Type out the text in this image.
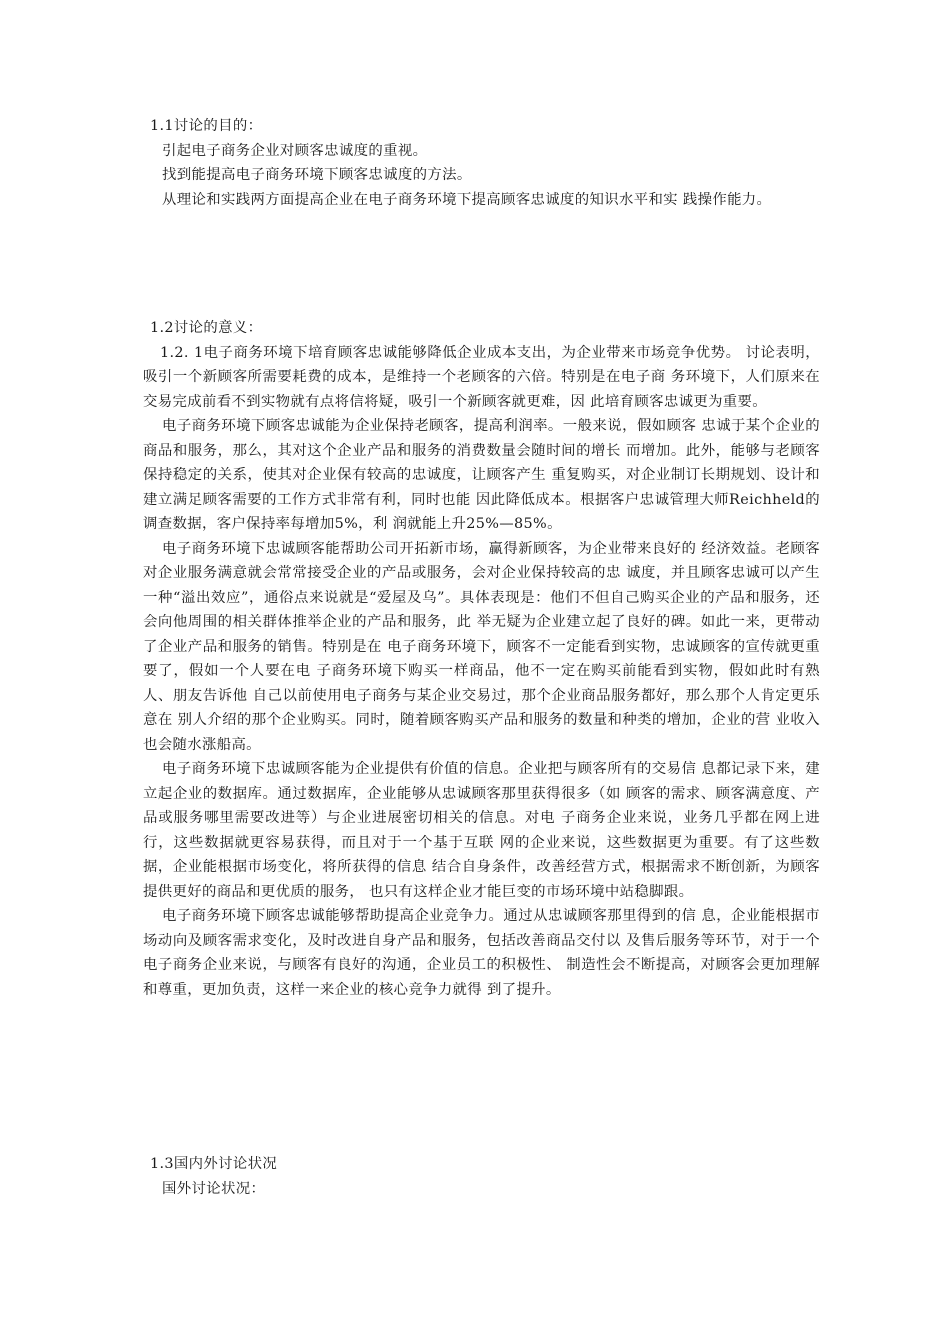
1.1讨论的目的：

引起电子商务企业对顾客忠诚度的重视。

找到能提高电子商务环境下顾客忠诚度的方法。

从理论和实践两方面提高企业在电子商务环境下提高顾客忠诚度的知识水平和实 践操作能力。

1.2讨论的意义：

1.2. 1电子商务环境下培育顾客忠诚能够降低企业成本支出，为企业带来市场竞争优势。 讨论表明，吸引一个新顾客所需要耗费的成本，是维持一个老顾客的六倍。特别是在电子商 务环境下，人们原来在交易完成前看不到实物就有点将信将疑，吸引一个新顾客就更难，因 此培育顾客忠诚更为重要。

电子商务环境下顾客忠诚能为企业保持老顾客，提高利润率。一般来说，假如顾客 忠诚于某个企业的商品和服务，那么，其对这个企业产品和服务的消费数量会随时间的增长 而增加。此外，能够与老顾客保持稳定的关系，使其对企业保有较高的忠诚度，让顾客产生 重复购买，对企业制订长期规划、设计和建立满足顾客需要的工作方式非常有利，同时也能 因此降低成本。根据客户忠诚管理大师Reichheld的调查数据，客户保持率每增加5%，利 润就能上升25%—85%。

电子商务环境下忠诚顾客能帮助公司开拓新市场，赢得新顾客，为企业带来良好的 经济效益。老顾客对企业服务满意就会常常接受企业的产品或服务，会对企业保持较高的忠 诚度，并且顾客忠诚可以产生一种“溢出效应”，通俗点来说就是“爱屋及乌”。具体表现是：他们不但自己购买企业的产品和服务，还会向他周围的相关群体推举企业的产品和服务，此 举无疑为企业建立起了良好的碑。如此一来，更带动了企业产品和服务的销售。特别是在 电子商务环境下，顾客不一定能看到实物，忠诚顾客的宣传就更重要了，假如一个人要在电 子商务环境下购买一样商品，他不一定在购买前能看到实物，假如此时有熟人、朋友告诉他 自己以前使用电子商务与某企业交易过，那个企业商品服务都好，那么那个人肯定更乐意在 别人介绍的那个企业购买。同时，随着顾客购买产品和服务的数量和种类的增加，企业的营 业收入也会随水涨船高。

电子商务环境下忠诚顾客能为企业提供有价值的信息。企业把与顾客所有的交易信 息都记录下来，建立起企业的数据库。通过数据库，企业能够从忠诚顾客那里获得很多（如 顾客的需求、顾客满意度、产品或服务哪里需要改进等）与企业进展密切相关的信息。对电 子商务企业来说，业务几乎都在网上进行，这些数据就更容易获得，而且对于一个基于互联 网的企业来说，这些数据更为重要。有了这些数据，企业能根据市场变化，将所获得的信息 结合自身条件，改善经营方式，根据需求不断创新，为顾客提供更好的商品和更优质的服务， 也只有这样企业才能巨变的市场环境中站稳脚跟。

电子商务环境下顾客忠诚能够帮助提高企业竞争力。通过从忠诚顾客那里得到的信 息，企业能根据市场动向及顾客需求变化，及时改进自身产品和服务，包括改善商品交付以 及售后服务等环节，对于一个电子商务企业来说，与顾客有良好的沟通，企业员工的积极性、 制造性会不断提高，对顾客会更加理解和尊重，更加负责，这样一来企业的核心竞争力就得 到了提升。

1.3国内外讨论状况

国外讨论状况：
